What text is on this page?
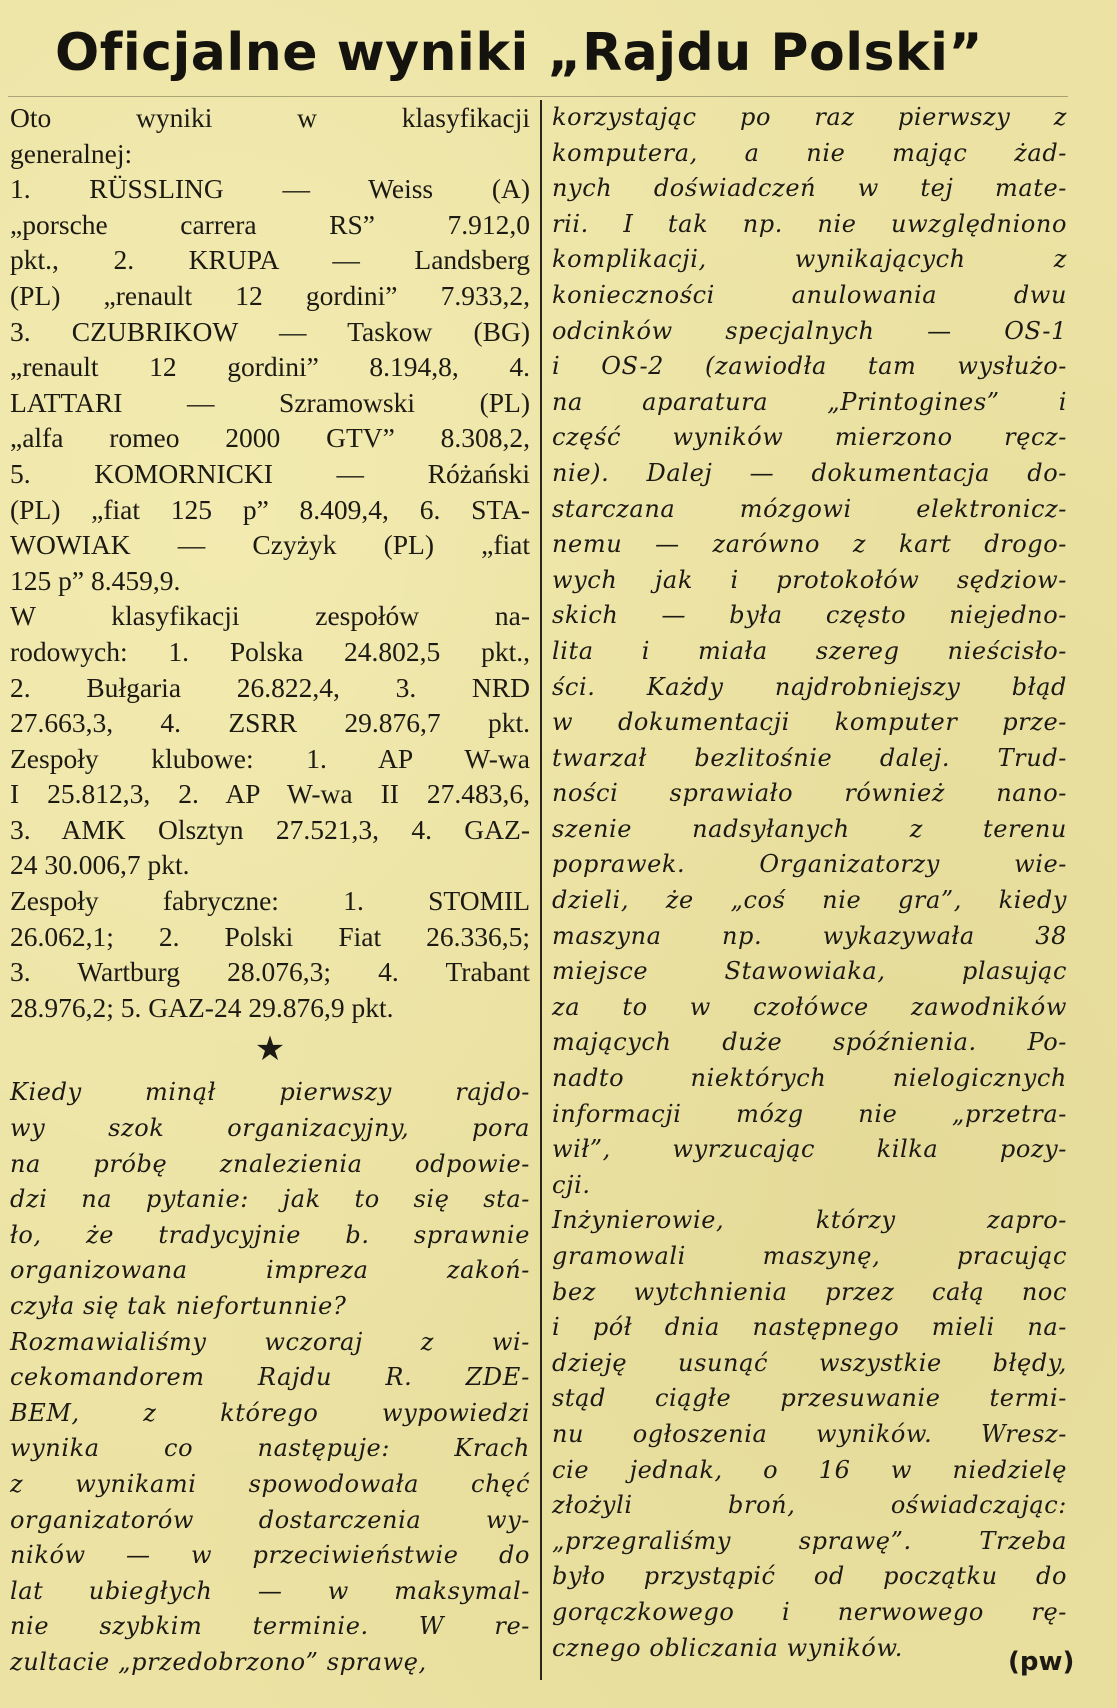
Oficjalne wyniki „Rajdu Polski”
Oto wyniki w klasyfikacji
generalnej:
1. RÜSSLING — Weiss (A)
„porsche carrera RS” 7.912,0
pkt., 2. KRUPA — Landsberg
(PL) „renault 12 gordini” 7.933,2,
3. CZUBRIKOW — Taskow (BG)
„renault 12 gordini” 8.194,8, 4.
LATTARI — Szramowski (PL)
„alfa romeo 2000 GTV” 8.308,2,
5. KOMORNICKI — Różański
(PL) „fiat 125 p” 8.409,4, 6. STA-
WOWIAK — Czyżyk (PL) „fiat
125 p” 8.459,9.
W klasyfikacji zespołów na-
rodowych: 1. Polska 24.802,5 pkt.,
2. Bułgaria 26.822,4, 3. NRD
27.663,3, 4. ZSRR 29.876,7 pkt.
Zespoły klubowe: 1. AP W-wa
I 25.812,3, 2. AP W-wa II 27.483,6,
3. AMK Olsztyn 27.521,3, 4. GAZ-
24 30.006,7 pkt.
Zespoły fabryczne: 1. STOMIL
26.062,1; 2. Polski Fiat 26.336,5;
3. Wartburg 28.076,3; 4. Trabant
28.976,2; 5. GAZ-24 29.876,9 pkt.
★
Kiedy minął pierwszy rajdo-
wy szok organizacyjny, pora
na próbę znalezienia odpowie-
dzi na pytanie: jak to się sta-
ło, że tradycyjnie b. sprawnie
organizowana impreza zakoń-
czyła się tak niefortunnie?
Rozmawialiśmy wczoraj z wi-
cekomandorem Rajdu R. ZDE-
BEM, z którego wypowiedzi
wynika co następuje: Krach
z wynikami spowodowała chęć
organizatorów dostarczenia wy-
ników — w przeciwieństwie do
lat ubiegłych — w maksymal-
nie szybkim terminie. W re-
zultacie „przedobrzono” sprawę,
korzystając po raz pierwszy z
komputera, a nie mając żad-
nych doświadczeń w tej mate-
rii. I tak np. nie uwzględniono
komplikacji, wynikających z
konieczności anulowania dwu
odcinków specjalnych — OS-1
i OS-2 (zawiodła tam wysłużo-
na aparatura „Printogines” i
część wyników mierzono ręcz-
nie). Dalej — dokumentacja do-
starczana mózgowi elektronicz-
nemu — zarówno z kart drogo-
wych jak i protokołów sędziow-
skich — była często niejedno-
lita i miała szereg nieścisło-
ści. Każdy najdrobniejszy błąd
w dokumentacji komputer prze-
twarzał bezlitośnie dalej. Trud-
ności sprawiało również nano-
szenie nadsyłanych z terenu
poprawek. Organizatorzy wie-
dzieli, że „coś nie gra”, kiedy
maszyna np. wykazywała 38
miejsce Stawowiaka, plasując
za to w czołówce zawodników
mających duże spóźnienia. Po-
nadto niektórych nielogicznych
informacji mózg nie „przetra-
wił”, wyrzucając kilka pozy-
cji.
Inżynierowie, którzy zapro-
gramowali maszynę, pracując
bez wytchnienia przez całą noc
i pół dnia następnego mieli na-
dzieję usunąć wszystkie błędy,
stąd ciągłe przesuwanie termi-
nu ogłoszenia wyników. Wresz-
cie jednak, o 16 w niedzielę
złożyli broń, oświadczając:
„przegraliśmy sprawę”. Trzeba
było przystąpić od początku do
gorączkowego i nerwowego rę-
cznego obliczania wyników.	(pw)
